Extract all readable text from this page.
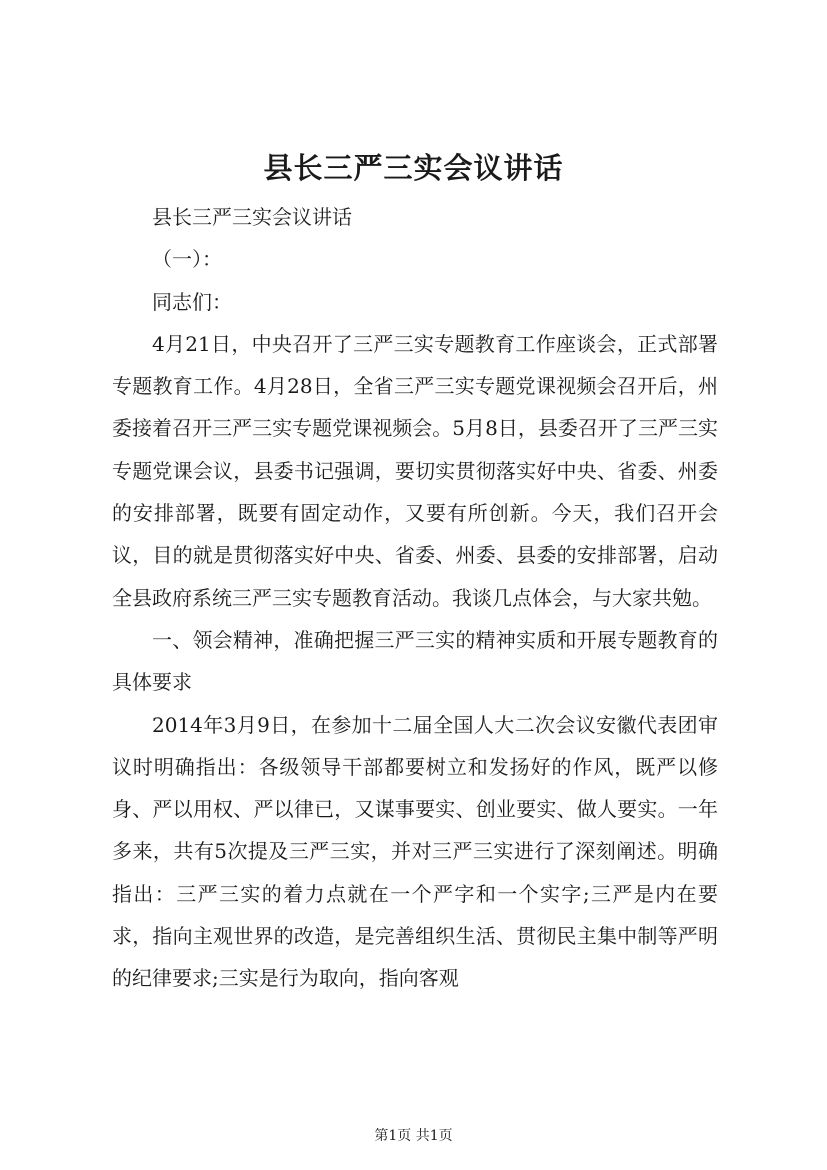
县长三严三实会议讲话

县长三严三实会议讲话

（一）：

同志们：

4月21日，中央召开了三严三实专题教育工作座谈会，正式部署专题教育工作。4月28日，全省三严三实专题党课视频会召开后，州委接着召开三严三实专题党课视频会。5月8日，县委召开了三严三实专题党课会议，县委书记强调，要切实贯彻落实好中央、省委、州委的安排部署，既要有固定动作，又要有所创新。今天，我们召开会议，目的就是贯彻落实好中央、省委、州委、县委的安排部署，启动全县政府系统三严三实专题教育活动。我谈几点体会，与大家共勉。

一、领会精神，准确把握三严三实的精神实质和开展专题教育的具体要求

2014年3月9日，在参加十二届全国人大二次会议安徽代表团审议时明确指出：各级领导干部都要树立和发扬好的作风，既严以修身、严以用权、严以律已，又谋事要实、创业要实、做人要实。一年多来，共有5次提及三严三实，并对三严三实进行了深刻阐述。明确指出：三严三实的着力点就在一个严字和一个实字;三严是内在要求，指向主观世界的改造，是完善组织生活、贯彻民主集中制等严明的纪律要求;三实是行为取向，指向客观

第1页 共1页
